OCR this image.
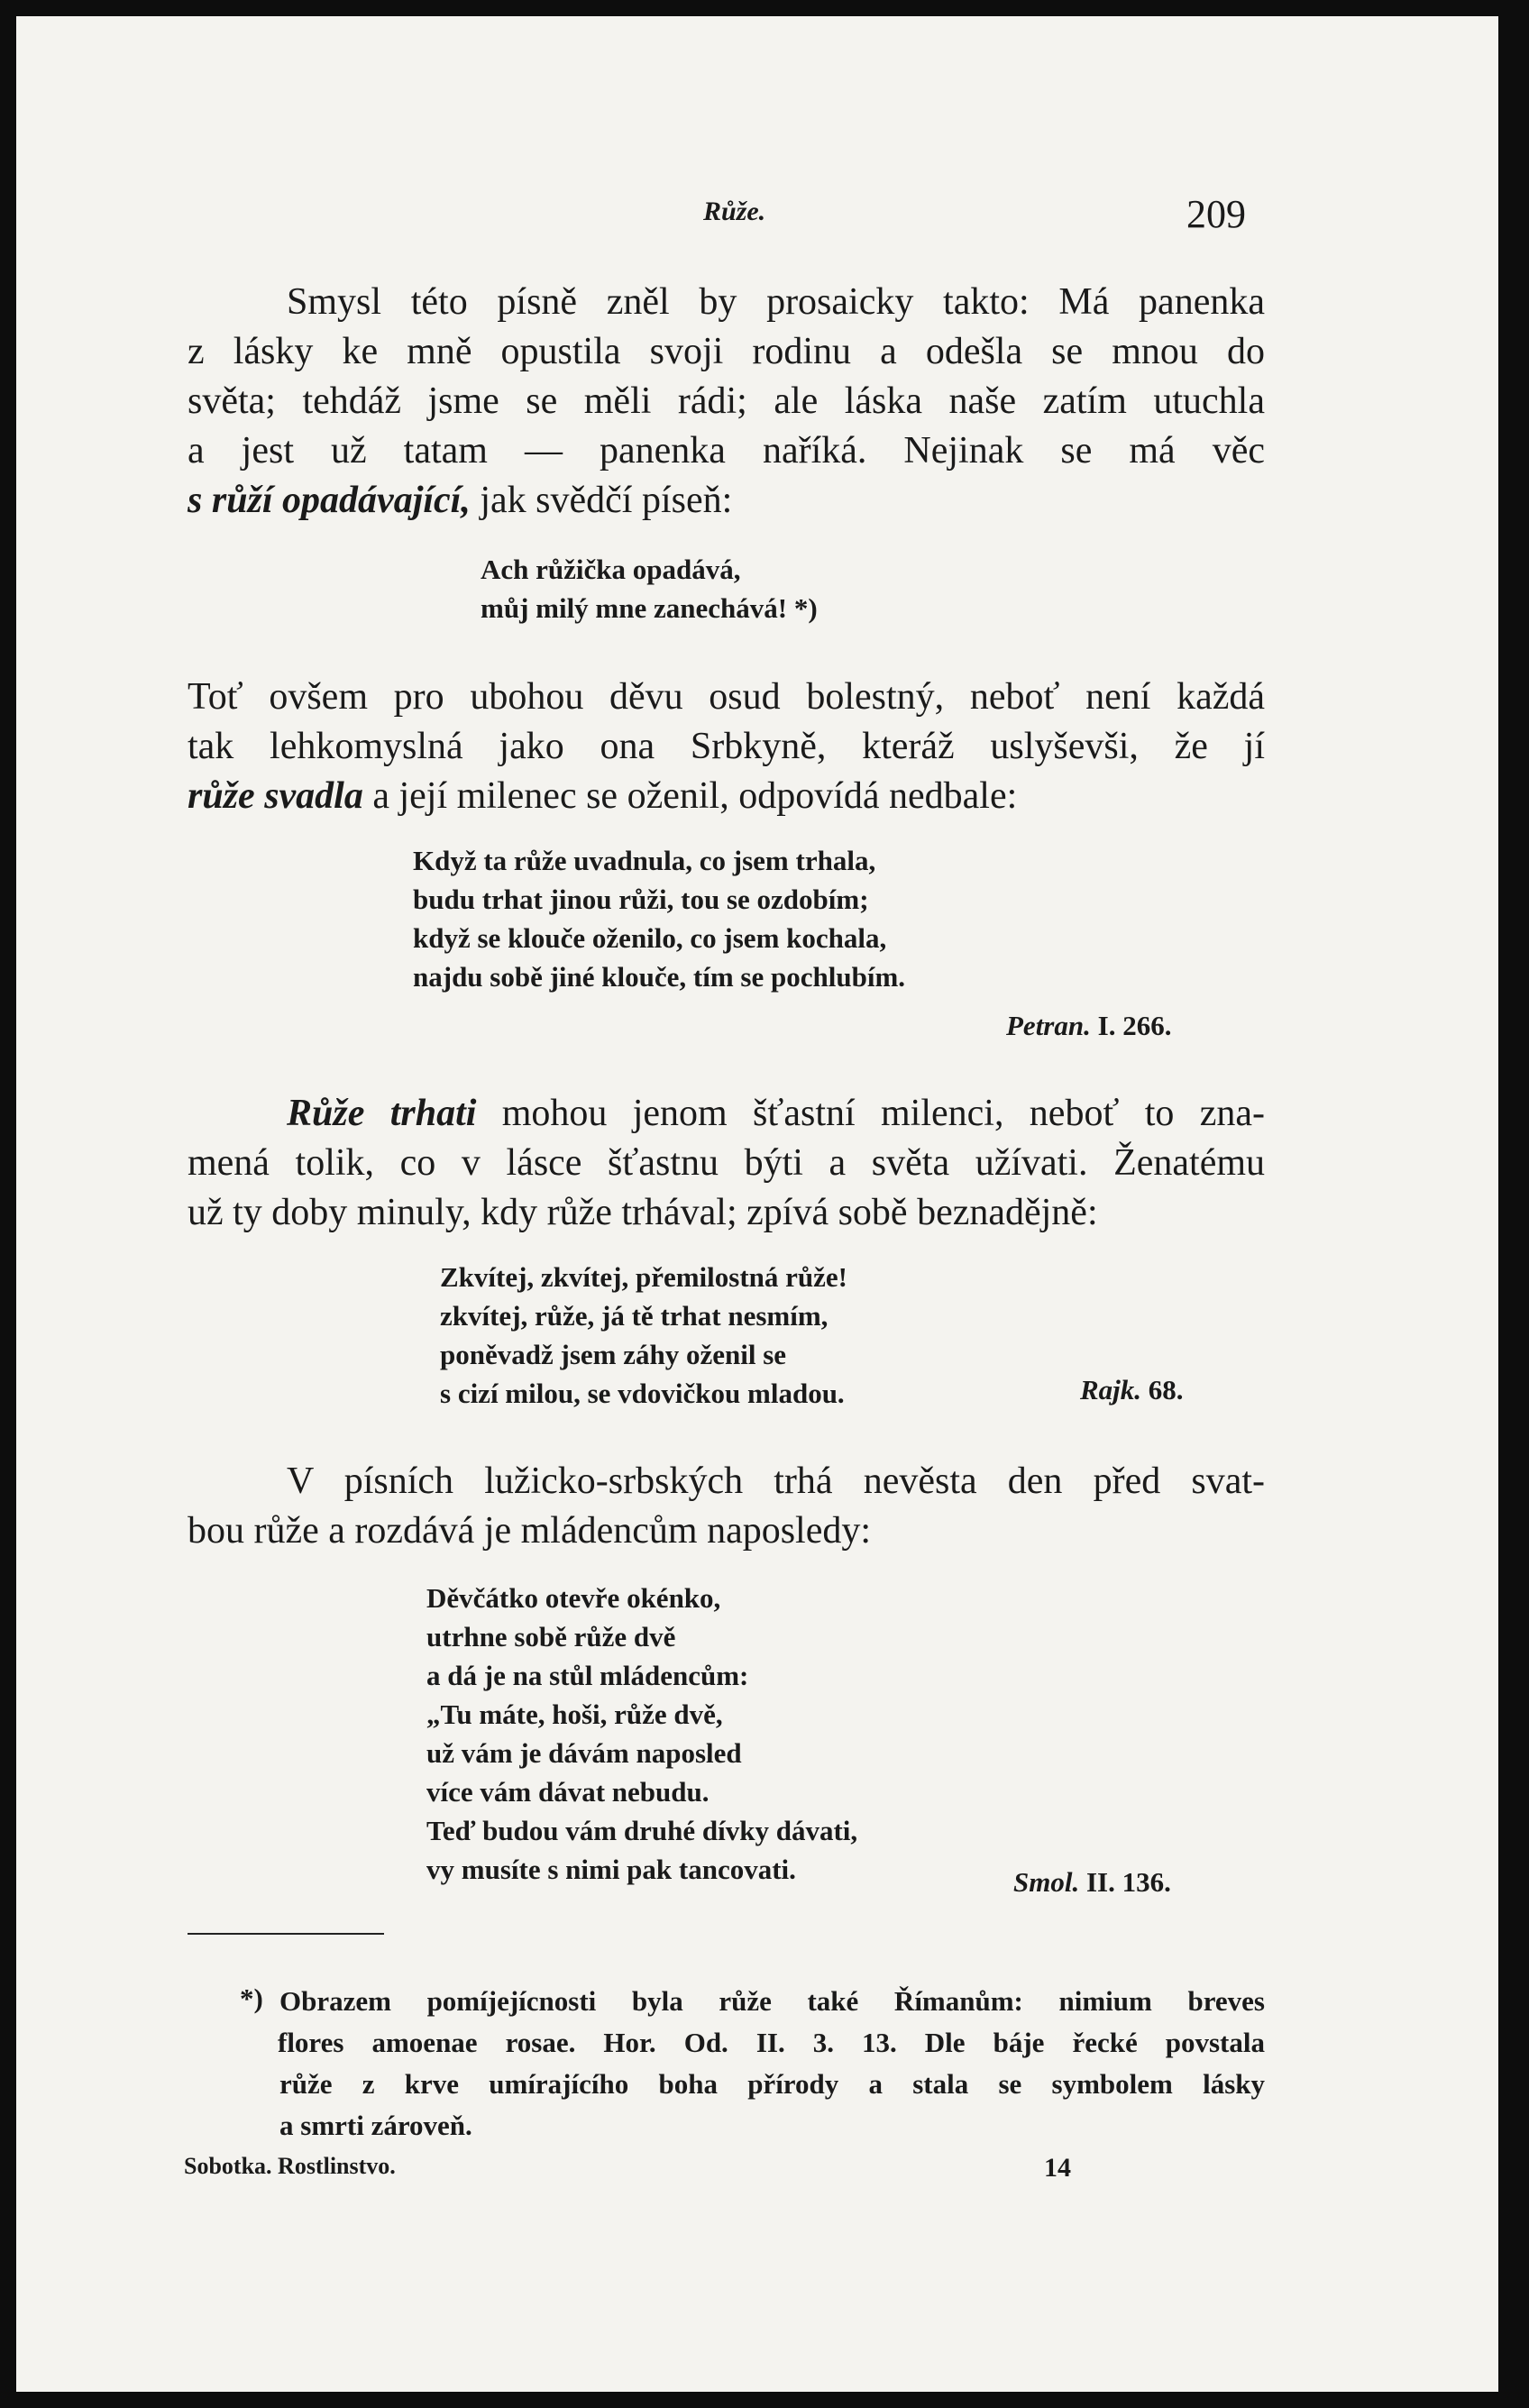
Růže.	209
Smysl této písně zněl by prosaicky takto: Má panenka
z lásky ke mně opustila svoji rodinu a odešla se mnou do
světa; tehdáž jsme se měli rádi; ale láska naše zatím utuchla
a jest už tatam — panenka naříká. Nejinak se má věc
s růží opadávající, jak svědčí píseň:
Ach růžička opadává,
můj milý mne zanechává! *)
Toť ovšem pro ubohou děvu osud bolestný, neboť není každá
tak lehkomyslná jako ona Srbkyně, kteráž uslyševši, že jí
růže svadla a její milenec se oženil, odpovídá nedbale:
Když ta růže uvadnula, co jsem trhala,
budu trhat jinou růži, tou se ozdobím;
když se klouče oženilo, co jsem kochala,
najdu sobě jiné klouče, tím se pochlubím.
Petran. I. 266.
Růže trhati mohou jenom šťastní milenci, neboť to zna-
mená tolik, co v lásce šťastnu býti a světa užívati. Ženatému
už ty doby minuly, kdy růže trhával; zpívá sobě beznadějně:
Zkvítej, zkvítej, přemilostná růže!
zkvítej, růže, já tě trhat nesmím,
poněvadž jsem záhy oženil se
s cizí milou, se vdovičkou mladou.	Rajk. 68.
V písních lužicko-srbských trhá nevěsta den před svat-
bou růže a rozdává je mládencům naposledy:
Děvčátko otevře okénko,
utrhne sobě růže dvě
a dá je na stůl mládencům:
„Tu máte, hoši, růže dvě,
už vám je dávám naposled
více vám dávat nebudu.
Teď budou vám druhé dívky dávati,
vy musíte s nimi pak tancovati.	Smol. II. 136.
*) Obrazem pomíjejícnosti byla růže také Římanům: nimium breves
flores amoenae rosae. Hor. Od. II. 3. 13. Dle báje řecké povstala
růže z krve umírajícího boha přírody a stala se symbolem lásky
a smrti zároveň.
Sobotka. Rostlinstvo.	14
